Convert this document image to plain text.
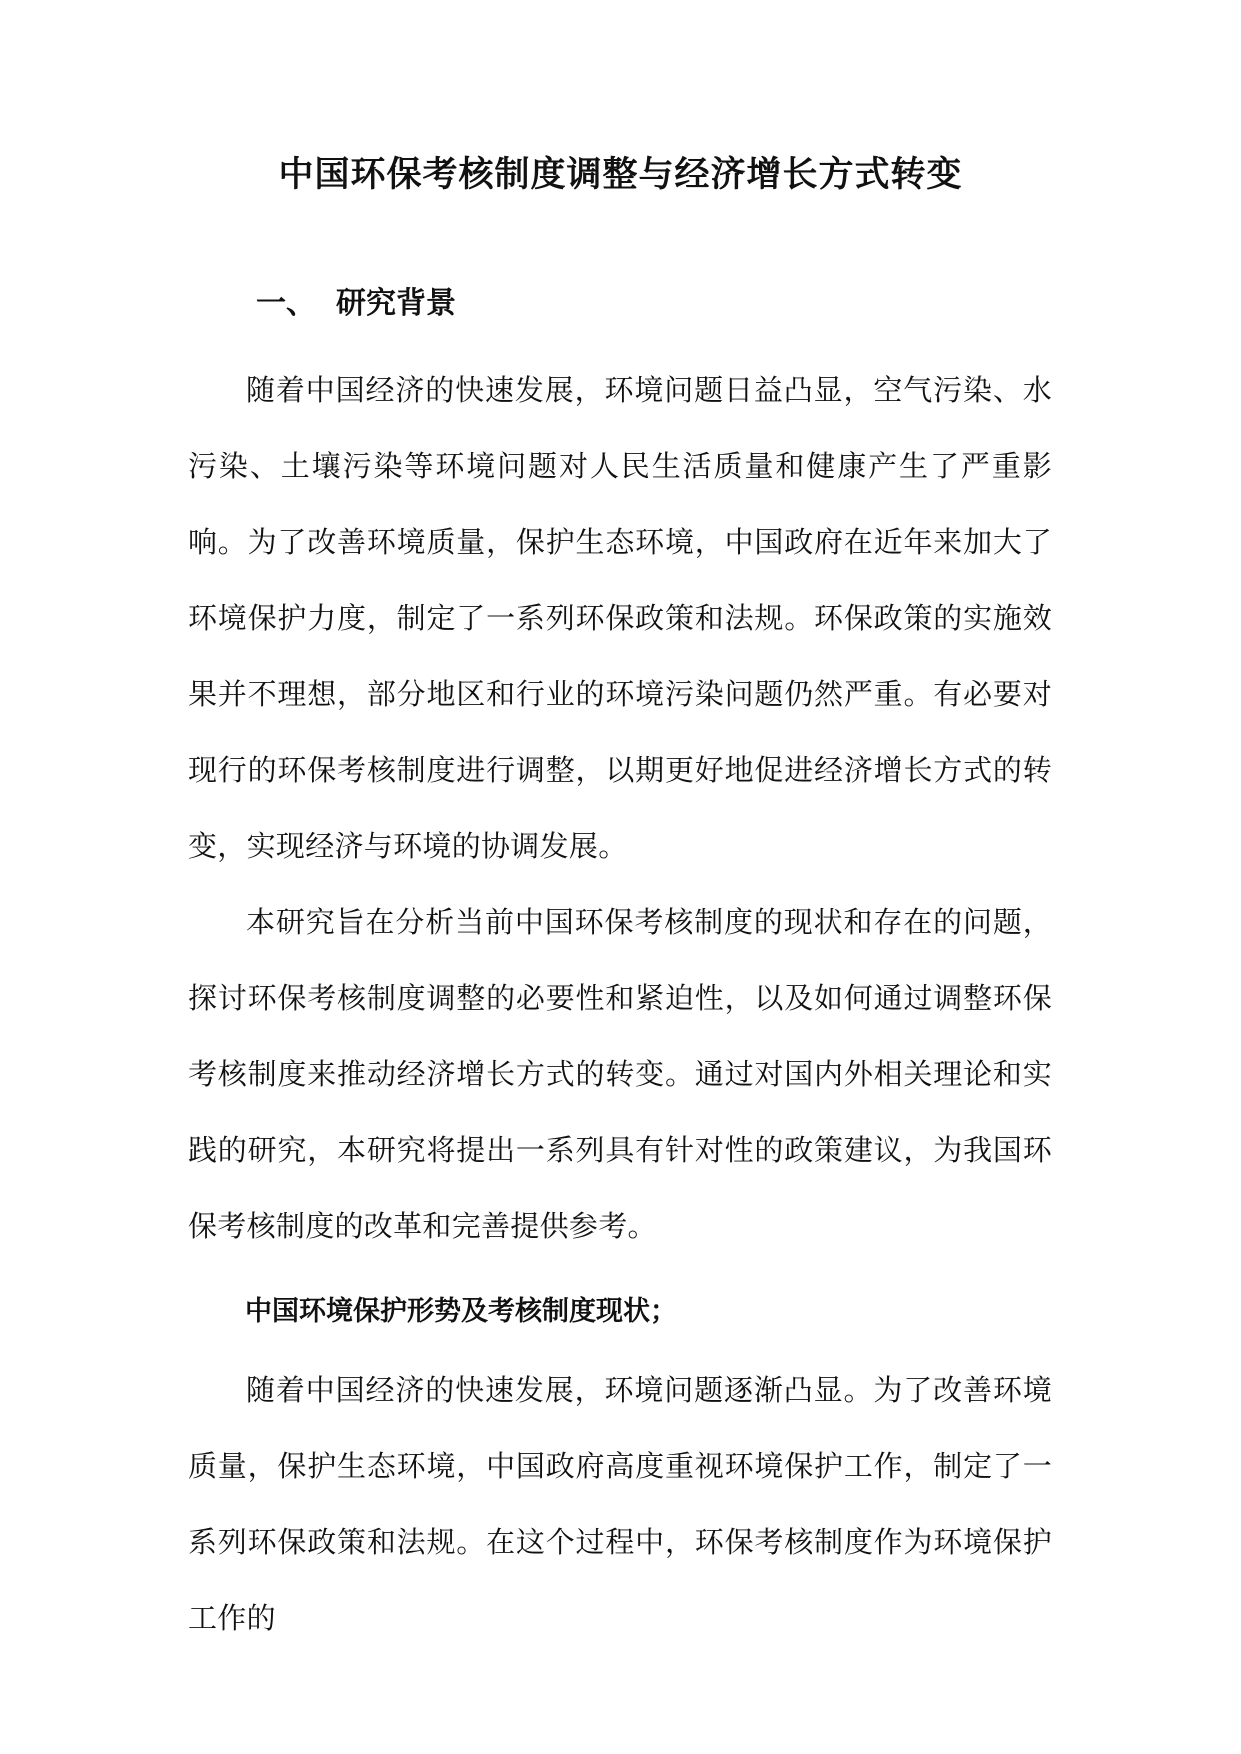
中国环保考核制度调整与经济增长方式转变
一、 研究背景

随着中国经济的快速发展，环境问题日益凸显，空气污染、水污染、土壤污染等环境问题对人民生活质量和健康产生了严重影响。为了改善环境质量，保护生态环境，中国政府在近年来加大了环境保护力度，制定了一系列环保政策和法规。环保政策的实施效果并不理想，部分地区和行业的环境污染问题仍然严重。有必要对现行的环保考核制度进行调整，以期更好地促进经济增长方式的转变，实现经济与环境的协调发展。

本研究旨在分析当前中国环保考核制度的现状和存在的问题，探讨环保考核制度调整的必要性和紧迫性，以及如何通过调整环保考核制度来推动经济增长方式的转变。通过对国内外相关理论和实践的研究，本研究将提出一系列具有针对性的政策建议，为我国环保考核制度的改革和完善提供参考。

中国环境保护形势及考核制度现状；

随着中国经济的快速发展，环境问题逐渐凸显。为了改善环境质量，保护生态环境，中国政府高度重视环境保护工作，制定了一系列环保政策和法规。在这个过程中，环保考核制度作为环境保护工作的
